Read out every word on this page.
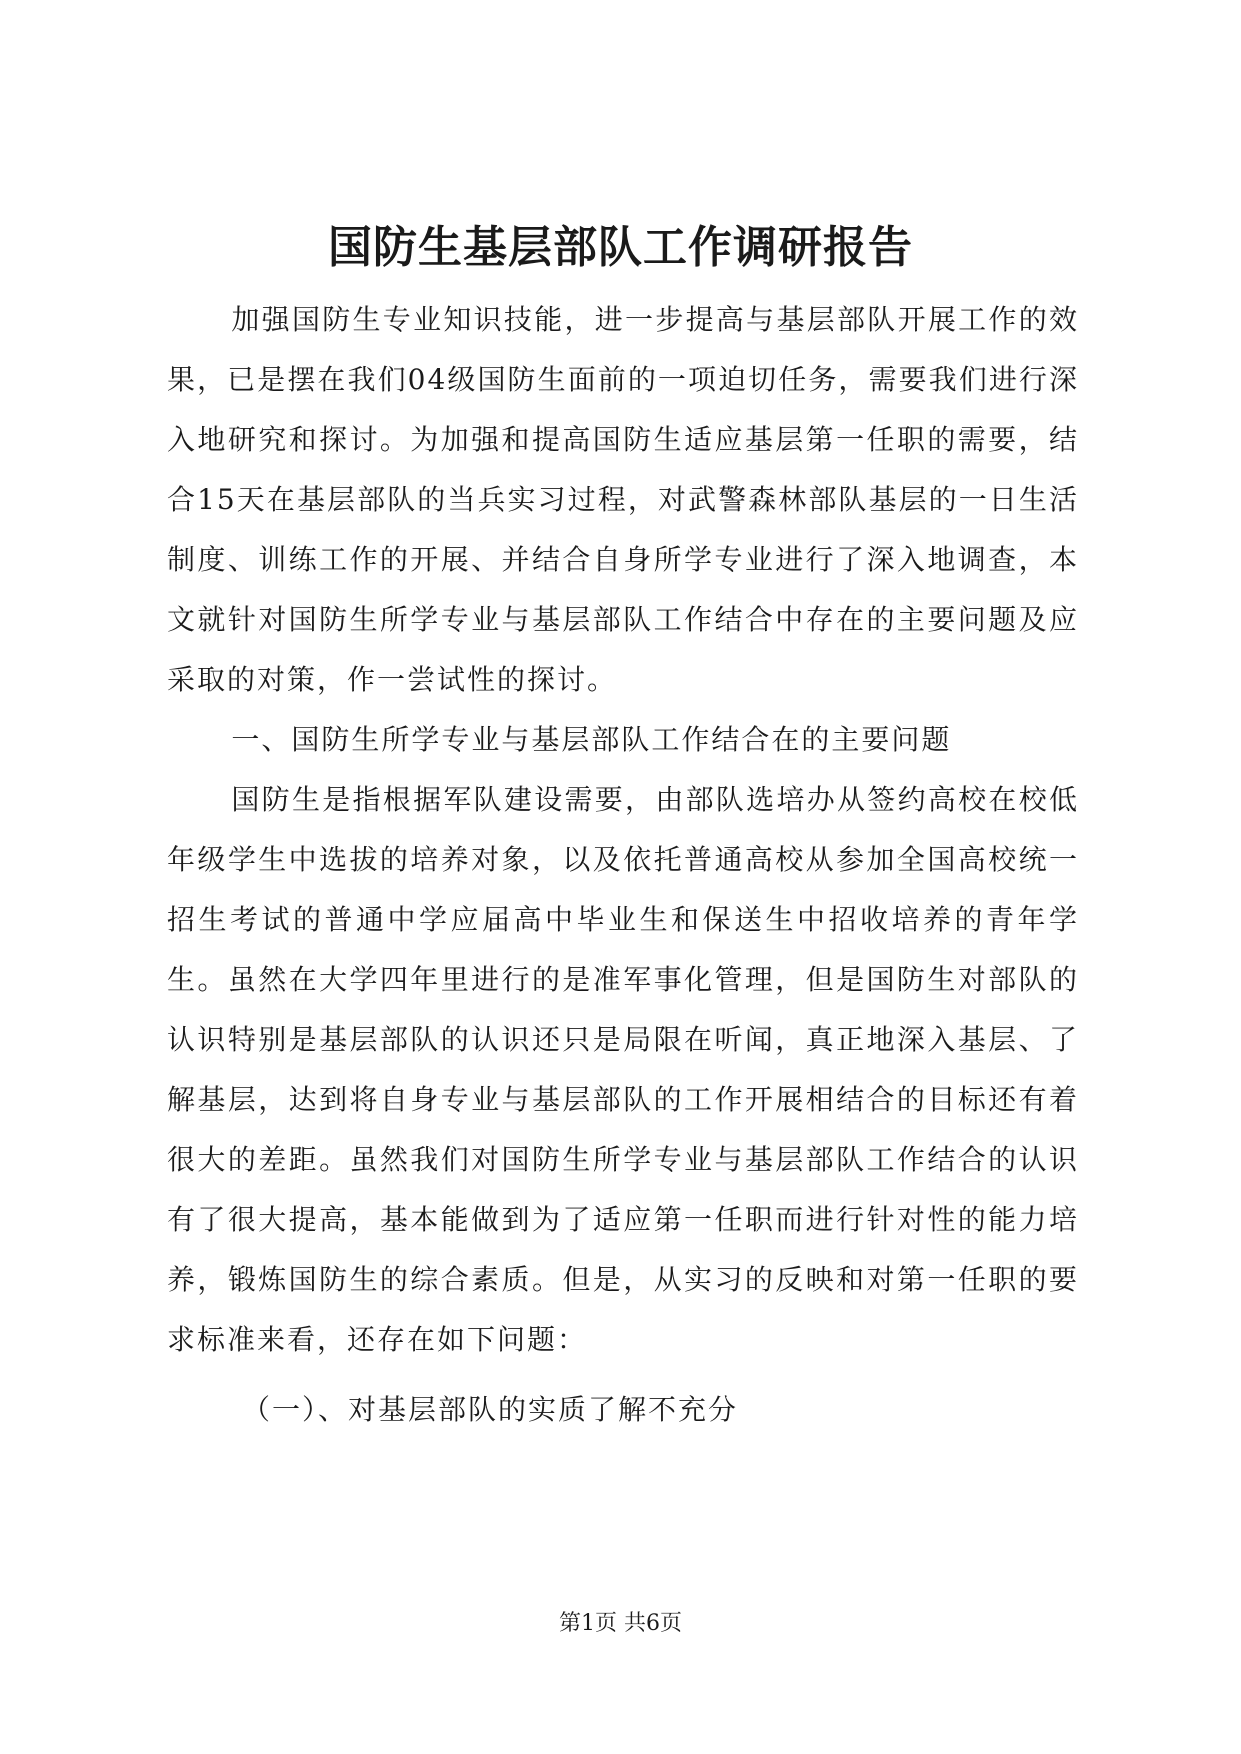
国防生基层部队工作调研报告

加强国防生专业知识技能，进一步提高与基层部队开展工作的效果，已是摆在我们04级国防生面前的一项迫切任务，需要我们进行深入地研究和探讨。为加强和提高国防生适应基层第一任职的需要，结合15天在基层部队的当兵实习过程，对武警森林部队基层的一日生活制度、训练工作的开展、并结合自身所学专业进行了深入地调查，本文就针对国防生所学专业与基层部队工作结合中存在的主要问题及应采取的对策，作一尝试性的探讨。

一、国防生所学专业与基层部队工作结合在的主要问题

国防生是指根据军队建设需要，由部队选培办从签约高校在校低年级学生中选拔的培养对象，以及依托普通高校从参加全国高校统一招生考试的普通中学应届高中毕业生和保送生中招收培养的青年学生。虽然在大学四年里进行的是准军事化管理，但是国防生对部队的认识特别是基层部队的认识还只是局限在听闻，真正地深入基层、了解基层，达到将自身专业与基层部队的工作开展相结合的目标还有着很大的差距。虽然我们对国防生所学专业与基层部队工作结合的认识有了很大提高，基本能做到为了适应第一任职而进行针对性的能力培养，锻炼国防生的综合素质。但是，从实习的反映和对第一任职的要求标准来看，还存在如下问题：

（一）、对基层部队的实质了解不充分

第1页 共6页
